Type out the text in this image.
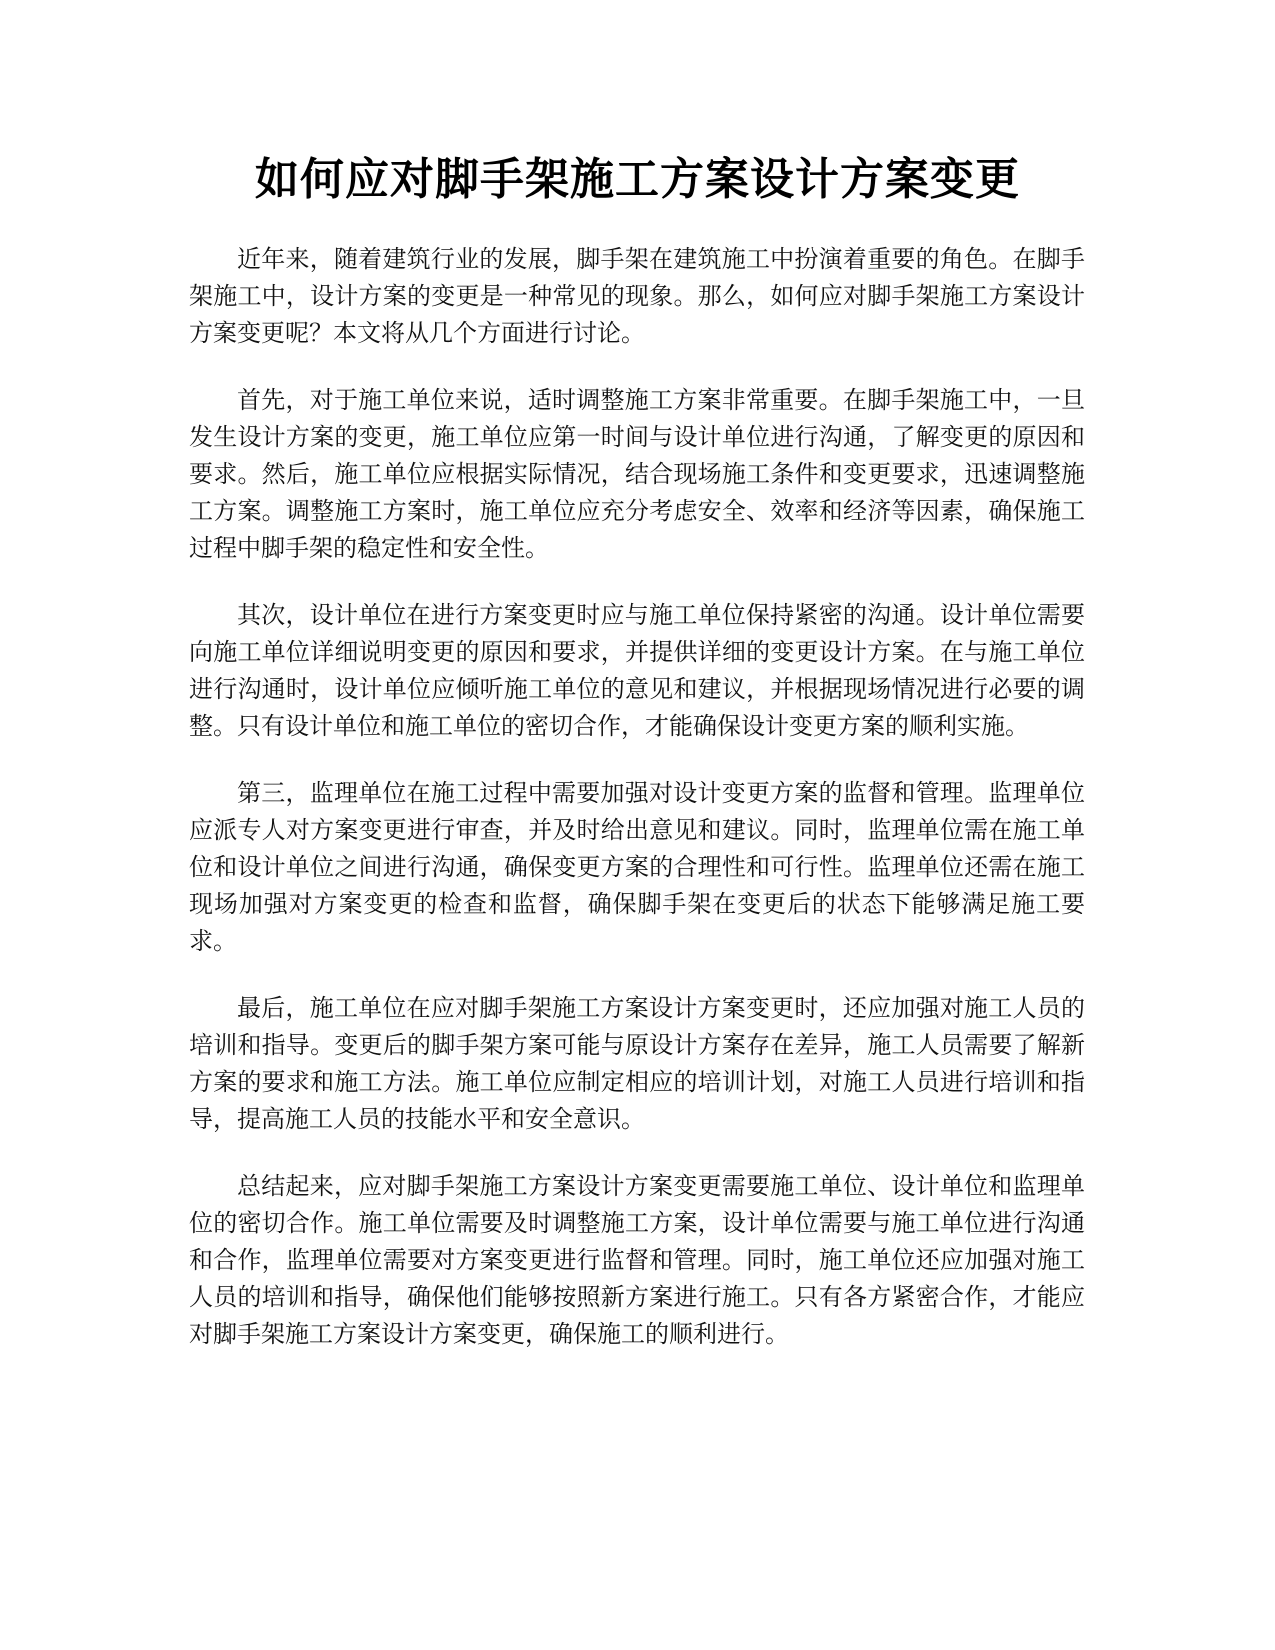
如何应对脚手架施工方案设计方案变更

近年来，随着建筑行业的发展，脚手架在建筑施工中扮演着重要的角色。在脚手架施工中，设计方案的变更是一种常见的现象。那么，如何应对脚手架施工方案设计方案变更呢？本文将从几个方面进行讨论。

首先，对于施工单位来说，适时调整施工方案非常重要。在脚手架施工中，一旦发生设计方案的变更，施工单位应第一时间与设计单位进行沟通，了解变更的原因和要求。然后，施工单位应根据实际情况，结合现场施工条件和变更要求，迅速调整施工方案。调整施工方案时，施工单位应充分考虑安全、效率和经济等因素，确保施工过程中脚手架的稳定性和安全性。

其次，设计单位在进行方案变更时应与施工单位保持紧密的沟通。设计单位需要向施工单位详细说明变更的原因和要求，并提供详细的变更设计方案。在与施工单位进行沟通时，设计单位应倾听施工单位的意见和建议，并根据现场情况进行必要的调整。只有设计单位和施工单位的密切合作，才能确保设计变更方案的顺利实施。

第三，监理单位在施工过程中需要加强对设计变更方案的监督和管理。监理单位应派专人对方案变更进行审查，并及时给出意见和建议。同时，监理单位需在施工单位和设计单位之间进行沟通，确保变更方案的合理性和可行性。监理单位还需在施工现场加强对方案变更的检查和监督，确保脚手架在变更后的状态下能够满足施工要求。

最后，施工单位在应对脚手架施工方案设计方案变更时，还应加强对施工人员的培训和指导。变更后的脚手架方案可能与原设计方案存在差异，施工人员需要了解新方案的要求和施工方法。施工单位应制定相应的培训计划，对施工人员进行培训和指导，提高施工人员的技能水平和安全意识。

总结起来，应对脚手架施工方案设计方案变更需要施工单位、设计单位和监理单位的密切合作。施工单位需要及时调整施工方案，设计单位需要与施工单位进行沟通和合作，监理单位需要对方案变更进行监督和管理。同时，施工单位还应加强对施工人员的培训和指导，确保他们能够按照新方案进行施工。只有各方紧密合作，才能应对脚手架施工方案设计方案变更，确保施工的顺利进行。
